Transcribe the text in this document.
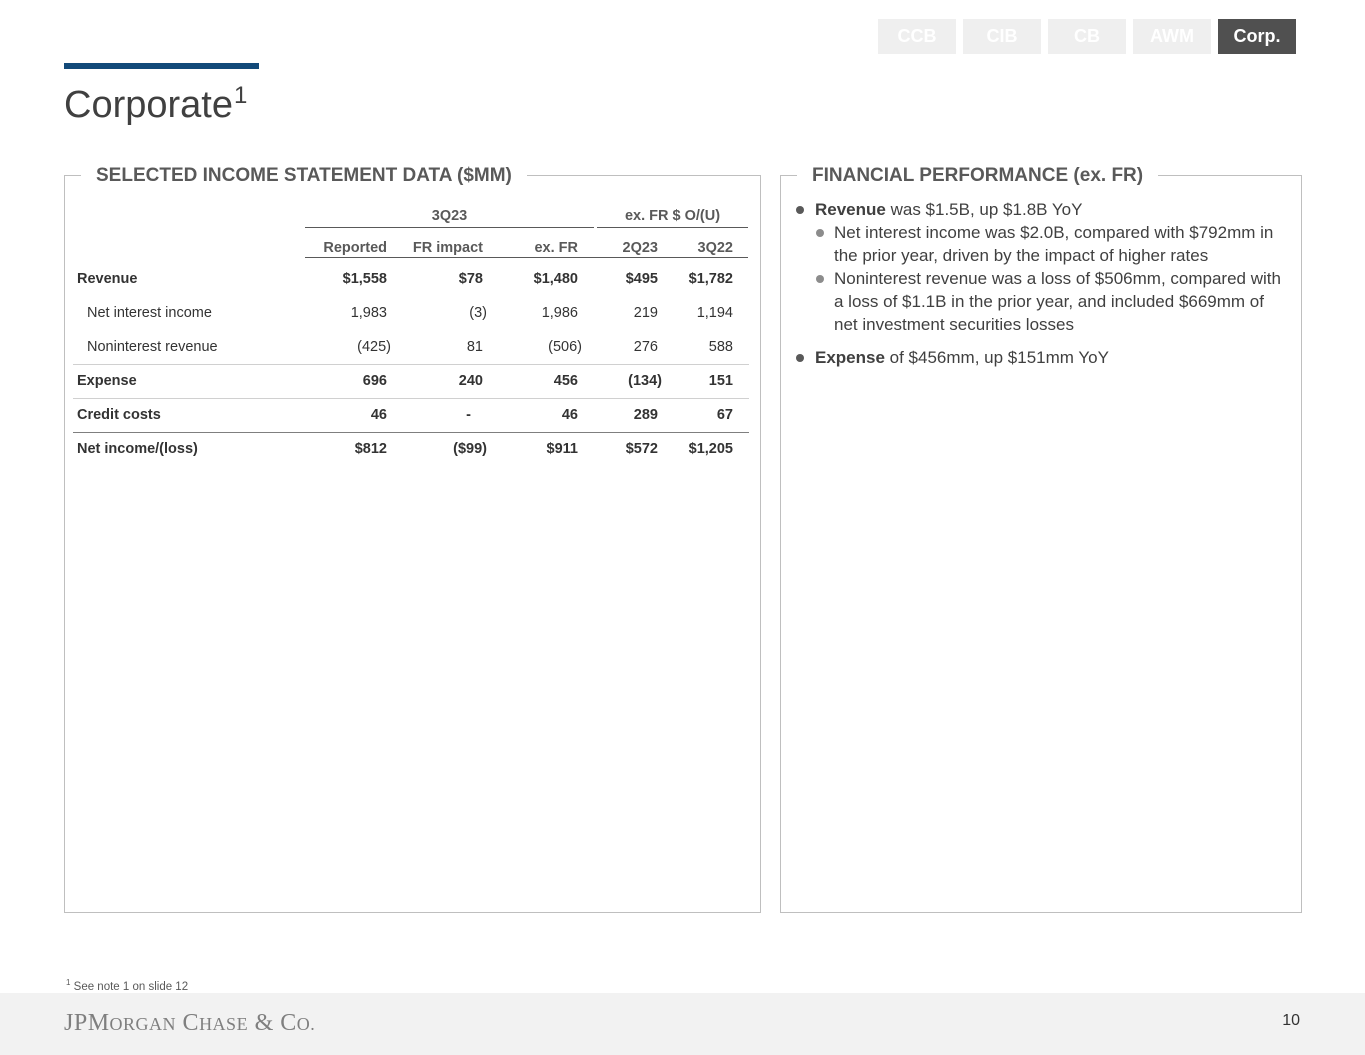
CCB	CIB	CB	AWM	Corp.
Corporate$^1$
SELECTED INCOME STATEMENT DATA ($MM)
3Q23	ex. FR $ O/(U)
Reported	FR impact	ex. FR	2Q23	3Q22
Revenue	$1,558	$78	$1,480	$495	$1,782
Net interest income	1,983	(3)	1,986	219	1,194
Noninterest revenue	(425)	81	(506)	276	588
Expense	696	240	456	(134)	151
Credit costs	46	-	46	289	67
Net income/(loss)	$812	($99)	$911	$572	$1,205
FINANCIAL PERFORMANCE (ex. FR)
Revenue was $1.5B, up $1.8B YoY
Net interest income was $2.0B, compared with $792mm in the prior year, driven by the impact of higher rates
Noninterest revenue was a loss of $506mm, compared with a loss of $1.1B in the prior year, and included $669mm of net investment securities losses
Expense of $456mm, up $151mm YoY
$^1$ See note 1 on slide 12
JPMORGAN CHASE & CO.	10
